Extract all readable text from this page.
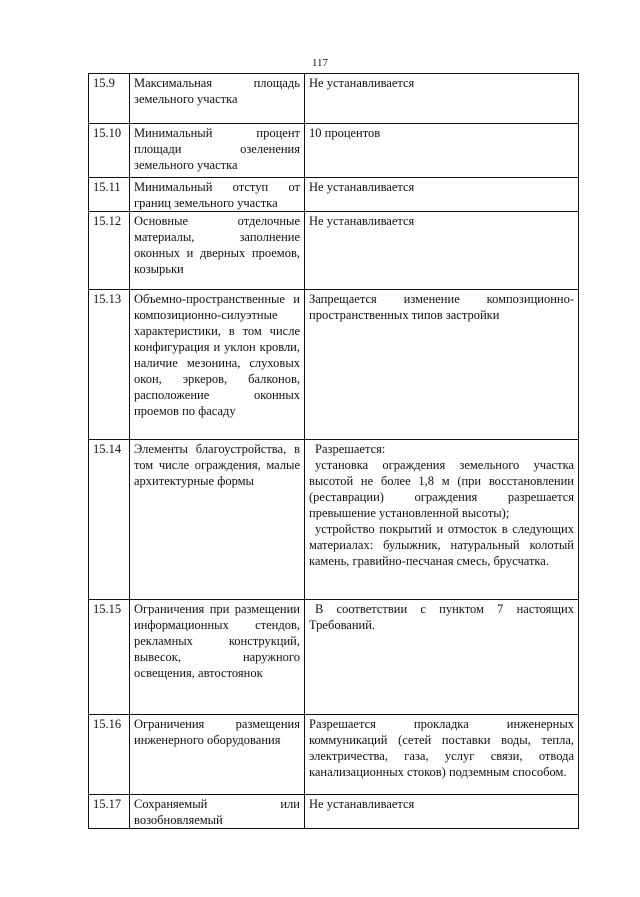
117
15.9	Максимальная площадь земельного участка	Не устанавливается

15.10	Минимальный процент площади озеленения земельного участка	10 процентов

15.11	Минимальный отступ от границ земельного участка	Не устанавливается

15.12	Основные отделочные материалы, заполнение оконных и дверных проемов, козырьки	Не устанавливается

15.13	Объемно-пространственные и композиционно-силуэтные характеристики, в том числе конфигурация и уклон кровли, наличие мезонина, слуховых окон, эркеров, балконов, расположение оконных проемов по фасаду	Запрещается изменение композиционно-пространственных типов застройки

15.14	Элементы благоустройства, в том числе ограждения, малые архитектурные формы	Разрешается:
установка ограждения земельного участка высотой не более 1,8 м (при восстановлении (реставрации) ограждения разрешается превышение установленной высоты);
устройство покрытий и отмосток в следующих материалах: булыжник, натуральный колотый камень, гравийно-песчаная смесь, брусчатка.

15.15	Ограничения при размещении информационных стендов, рекламных конструкций, вывесок, наружного освещения, автостоянок	В соответствии с пунктом 7 настоящих Требований.

15.16	Ограничения размещения инженерного оборудования	Разрешается прокладка инженерных коммуникаций (сетей поставки воды, тепла, электричества, газа, услуг связи, отвода канализационных стоков) подземным способом.

15.17	Сохраняемый или возобновляемый	Не устанавливается
